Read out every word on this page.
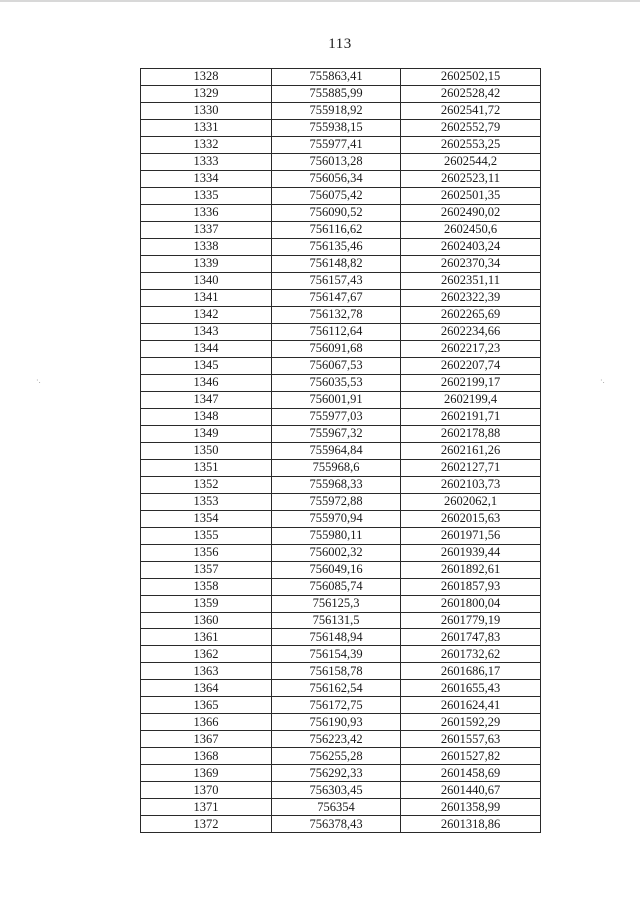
113
·.	·.
1328	755863,41	2602502,15
1329	755885,99	2602528,42
1330	755918,92	2602541,72
1331	755938,15	2602552,79
1332	755977,41	2602553,25
1333	756013,28	2602544,2
1334	756056,34	2602523,11
1335	756075,42	2602501,35
1336	756090,52	2602490,02
1337	756116,62	2602450,6
1338	756135,46	2602403,24
1339	756148,82	2602370,34
1340	756157,43	2602351,11
1341	756147,67	2602322,39
1342	756132,78	2602265,69
1343	756112,64	2602234,66
1344	756091,68	2602217,23
1345	756067,53	2602207,74
1346	756035,53	2602199,17
1347	756001,91	2602199,4
1348	755977,03	2602191,71
1349	755967,32	2602178,88
1350	755964,84	2602161,26
1351	755968,6	2602127,71
1352	755968,33	2602103,73
1353	755972,88	2602062,1
1354	755970,94	2602015,63
1355	755980,11	2601971,56
1356	756002,32	2601939,44
1357	756049,16	2601892,61
1358	756085,74	2601857,93
1359	756125,3	2601800,04
1360	756131,5	2601779,19
1361	756148,94	2601747,83
1362	756154,39	2601732,62
1363	756158,78	2601686,17
1364	756162,54	2601655,43
1365	756172,75	2601624,41
1366	756190,93	2601592,29
1367	756223,42	2601557,63
1368	756255,28	2601527,82
1369	756292,33	2601458,69
1370	756303,45	2601440,67
1371	756354	2601358,99
1372	756378,43	2601318,86
